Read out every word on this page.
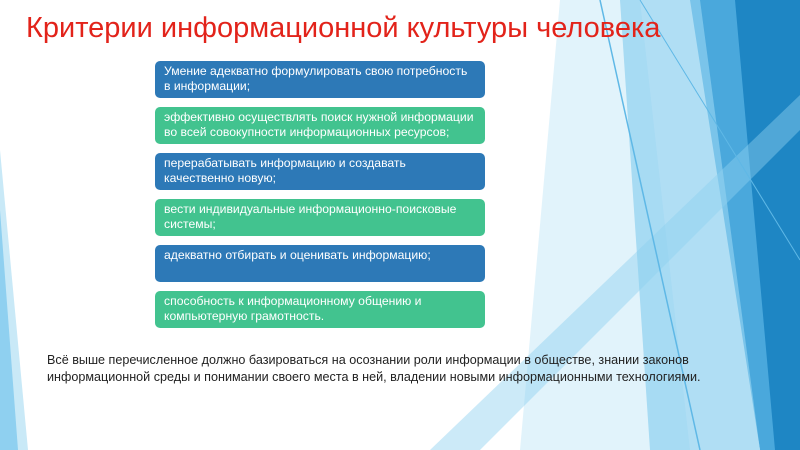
Критерии информационной культуры человека
Умение адекватно формулировать свою потребность в информации;
эффективно осуществлять поиск нужной информации во всей совокупности информационных ресурсов;
перерабатывать информацию и создавать качественно новую;
вести индивидуальные информационно-поисковые системы;
адекватно отбирать и оценивать информацию;
способность к информационному общению и компьютерную грамотность.
Всё выше перечисленное должно базироваться на осознании роли информации в обществе, знании законов информационной среды и понимании своего места в ней, владении новыми информационными технологиями.
